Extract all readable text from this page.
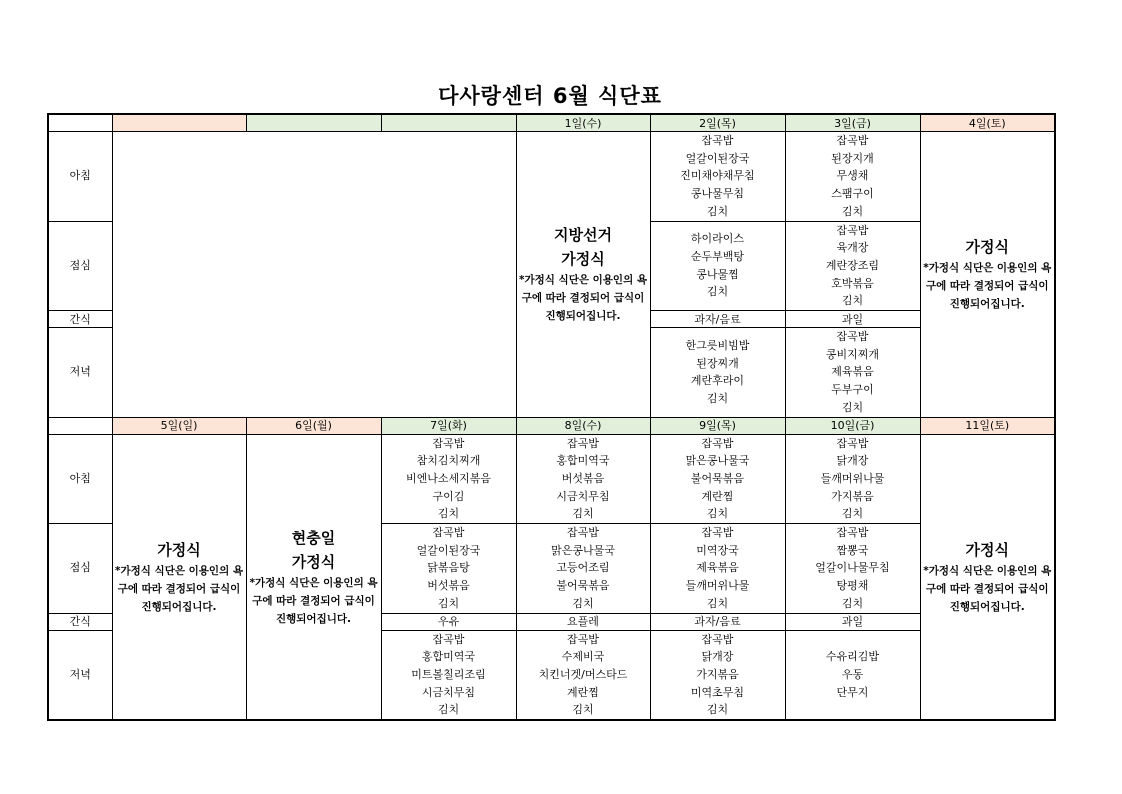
다사랑센터 6월 식단표
				1일(수)	2일(목)	3일(금)	4일(토)
아침				지방선거
가정식
*가정식 식단은 이용인의 욕구에 따라 결정되어 급식이 진행되어집니다.	잡곡밥
얼갈이된장국
진미채야채무침
콩나물무침
김치	잡곡밥
된장지개
무생채
스팸구이
김치	가정식
*가정식 식단은 이용인의 욕구에 따라 결정되어 급식이 진행되어집니다.

점심					하이라이스
순두부백탕
콩나물찜
김치	잡곡밥
육개장
계란장조림
호박볶음
김치	

간식					과자/음료	과일	
저녁					한그릇비빔밥
된장찌개
계란후라이
김치	잡곡밥
콩비지찌개
제육볶음
두부구이
김치	

	5일(일)	6일(월)	7일(화)	8일(수)	9일(목)	10일(금)	11일(토)
아침	가정식
*가정식 식단은 이용인의 욕구에 따라 결정되어 급식이 진행되어집니다.	현충일
가정식
*가정식 식단은 이용인의 욕구에 따라 결정되어 급식이 진행되어집니다.	잡곡밥
참치김치찌개
비엔나소세지볶음
구이김
김치	잡곡밥
홍합미역국
버섯볶음
시금치무침
김치	잡곡밥
맑은콩나물국
불어묵볶음
계란찜
김치	잡곡밥
닭개장
들깨머위나물
가지볶음
김치	가정식
*가정식 식단은 이용인의 욕구에 따라 결정되어 급식이 진행되어집니다.

점심			잡곡밥
얼갈이된장국
닭볶음탕
버섯볶음
김치	잡곡밥
맑은콩나물국
고등어조림
불어묵볶음
김치	잡곡밥
미역장국
제육볶음
들깨머위나물
김치	잡곡밥
짬뽕국
얼갈이나물무침
탕평채
김치	

간식			우유	요플레	과자/음료	과일	
저녁			잡곡밥
홍합미역국
미트볼칠리조림
시금치무침
김치	잡곡밥
수제비국
치킨너겟/머스타드
계란찜
김치	잡곡밥
닭개장
가지볶음
미역초무침
김치	수유리김밥
우동
단무지	
